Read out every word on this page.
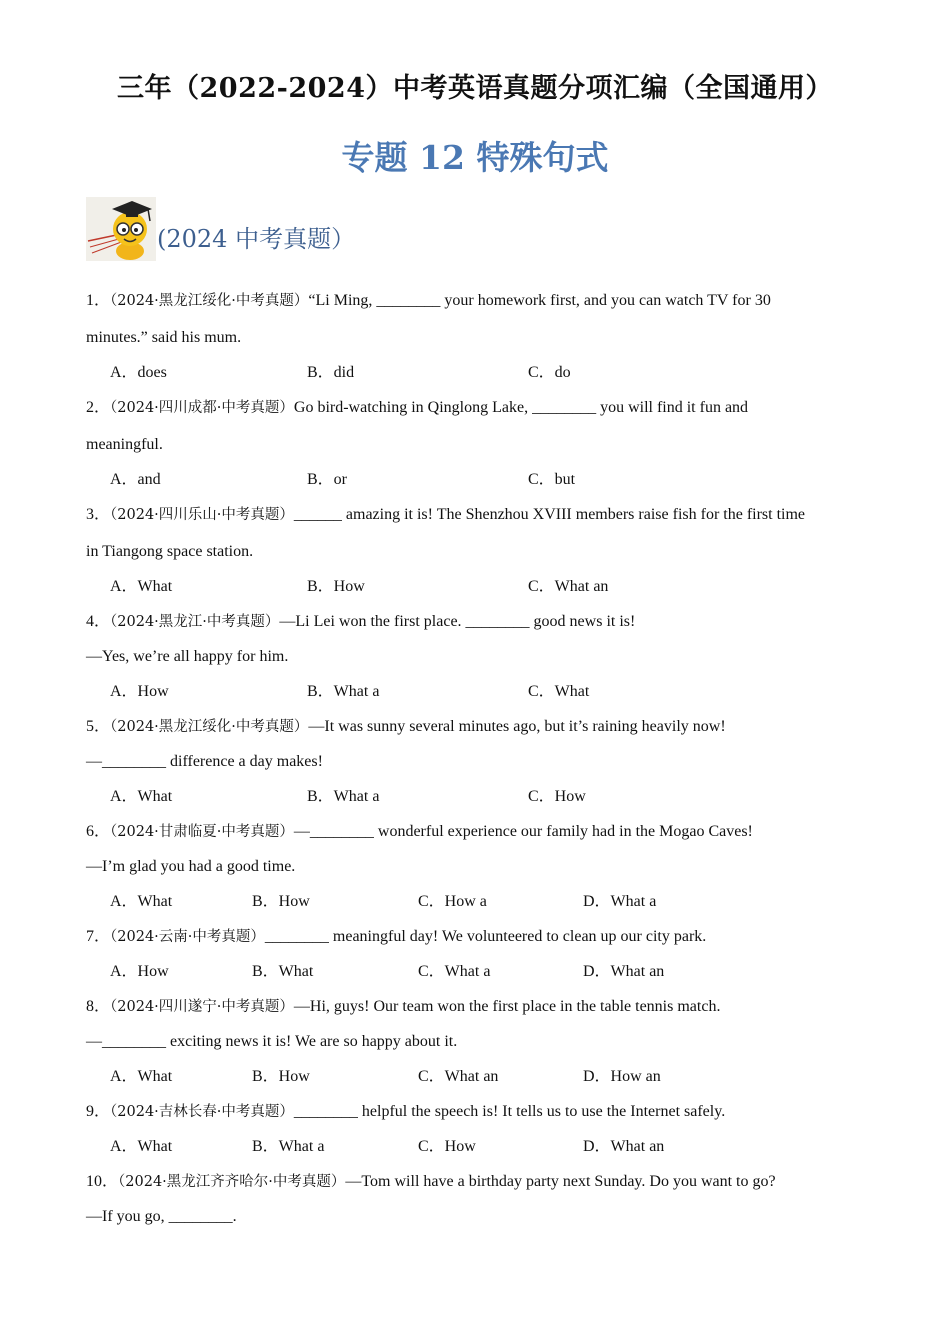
三年（2022-2024）中考英语真题分项汇编（全国通用）
专题 12 特殊句式
(2024 中考真题）
1．（2024·黑龙江绥化·中考真题）“Li Ming, ________ your homework first, and you can watch TV for 30
minutes.” said his mum.
A．does	B．did	C．do
2．（2024·四川成都·中考真题）Go bird-watching in Qinglong Lake, ________ you will find it fun and
meaningful.
A．and	B．or	C．but
3．（2024·四川乐山·中考真题）______ amazing it is! The Shenzhou XVIII members raise fish for the first time
in Tiangong space station.
A．What	B．How	C．What an
4．（2024·黑龙江·中考真题）—Li Lei won the first place. ________ good news it is!
—Yes, we’re all happy for him.
A．How	B．What a	C．What
5．（2024·黑龙江绥化·中考真题）—It was sunny several minutes ago, but it’s raining heavily now!
—________ difference a day makes!
A．What	B．What a	C．How
6．（2024·甘肃临夏·中考真题）—________ wonderful experience our family had in the Mogao Caves!
—I’m glad you had a good time.
A．What	B．How	C．How a	D．What a
7．（2024·云南·中考真题）________ meaningful day! We volunteered to clean up our city park.
A．How	B．What	C．What a	D．What an
8．（2024·四川遂宁·中考真题）—Hi, guys! Our team won the first place in the table tennis match.
—________ exciting news it is! We are so happy about it.
A．What	B．How	C．What an	D．How an
9．（2024·吉林长春·中考真题）________ helpful the speech is! It tells us to use the Internet safely.
A．What	B．What a	C．How	D．What an
10．（2024·黑龙江齐齐哈尔·中考真题）—Tom will have a birthday party next Sunday. Do you want to go?
—If you go, ________.
